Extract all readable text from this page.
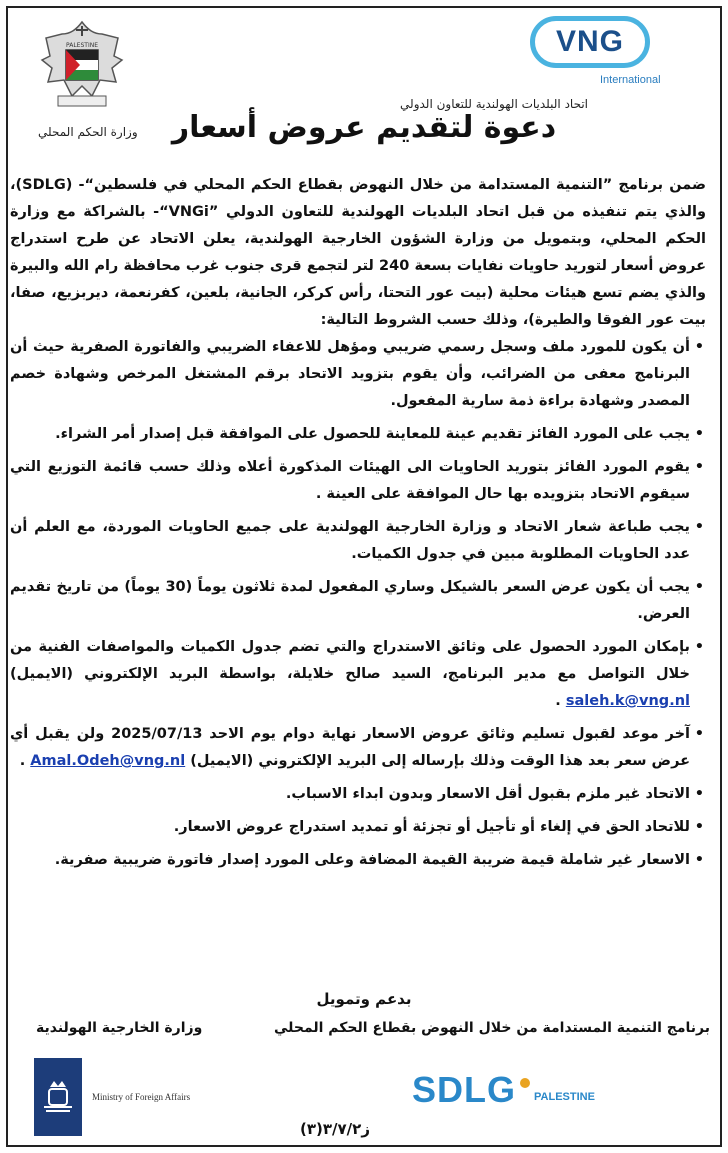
PALESTINE
وزارة الحكم المحلي
VNG
International
اتحاد البلديات الهولندية للتعاون الدولي
دعوة لتقديم عروض أسعار

ضمن برنامج ”التنمية المستدامة من خلال النهوض بقطاع الحكم المحلي في فلسطين“- (SDLG)، والذي يتم تنفيذه من قبل اتحاد البلديات الهولندية للتعاون الدولي ”VNGi“- بالشراكة مع وزارة الحكم المحلي، وبتمويل من وزارة الشؤون الخارجية الهولندية، يعلن الاتحاد عن طرح استدراج عروض أسعار لتوريد حاويات نفايات بسعة 240 لتر لتجمع قرى جنوب غرب محافظة رام الله والبيرة والذي يضم تسع هيئات محلية (بيت عور التحتا، رأس كركر، الجانية، بلعين، كفرنعمة، ديربزيع، صفا، بيت عور الفوقا والطيرة)، وذلك حسب الشروط التالية:

• أن يكون للمورد ملف وسجل رسمي ضريبي ومؤهل للاعفاء الضريبي والفاتورة الصفرية حيث أن البرنامج معفى من الضرائب، وأن يقوم بتزويد الاتحاد برقم المشتغل المرخص وشهادة خصم المصدر وشهادة براءة ذمة سارية المفعول.
• يجب على المورد الفائز تقديم عينة للمعاينة للحصول على الموافقة قبل إصدار أمر الشراء.
• يقوم المورد الفائز بتوريد الحاويات الى الهيئات المذكورة أعلاه وذلك حسب قائمة التوزيع التي سيقوم الاتحاد بتزويده بها حال الموافقة على العينة .
• يجب طباعة شعار الاتحاد و وزارة الخارجية الهولندية على جميع الحاويات الموردة، مع العلم أن عدد الحاويات المطلوبة مبين في جدول الكميات.
• يجب أن يكون عرض السعر بالشيكل وساري المفعول لمدة ثلاثون يوماً (30 يوماً) من تاريخ تقديم العرض.
• بإمكان المورد الحصول على وثائق الاستدراج والتي تضم جدول الكميات والمواصفات الفنية من خلال التواصل مع مدير البرنامج، السيد صالح خلايلة، بواسطة البريد الإلكتروني (الايميل) saleh.k@vng.nl .
• آخر موعد لقبول تسليم وثائق عروض الاسعار نهاية دوام يوم الاحد 2025/07/13 ولن يقبل أي عرض سعر بعد هذا الوقت وذلك بإرساله إلى البريد الإلكتروني (الايميل) Amal.Odeh@vng.nl .
• الاتحاد غير ملزم بقبول أقل الاسعار وبدون ابداء الاسباب.
• للاتحاد الحق في إلغاء أو تأجيل أو تجزئة أو تمديد استدراج عروض الاسعار.
• الاسعار غير شاملة قيمة ضريبة القيمة المضافة وعلى المورد إصدار فاتورة ضريبية صفرية.
بدعم وتمويل
برنامج التنمية المستدامة من خلال النهوض بقطاع الحكم المحلي
وزارة الخارجية الهولندية
SDLG PALESTINE
Ministry of Foreign Affairs
ز٣/٧/٢(٣)
